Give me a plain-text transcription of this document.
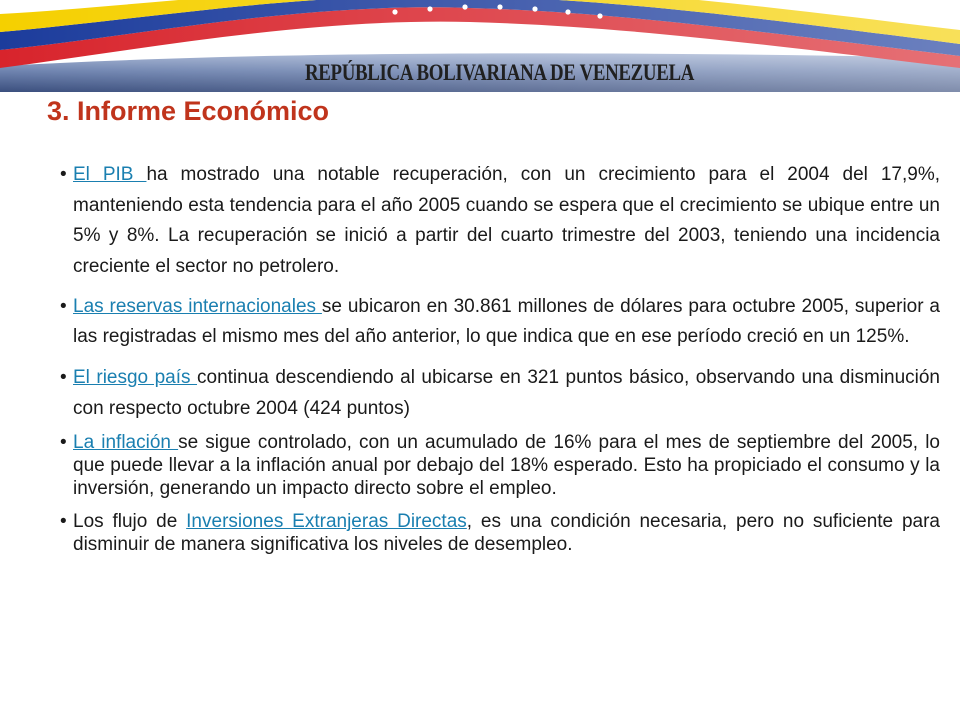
REPÚBLICA BOLIVARIANA DE VENEZUELA
3. Informe Económico
• El PIB ha mostrado una notable recuperación, con un crecimiento para el 2004 del 17,9%, manteniendo esta tendencia para el año 2005 cuando se espera que el crecimiento se ubique entre un 5% y 8%. La recuperación se inició a partir del cuarto trimestre del 2003, teniendo una incidencia creciente el sector no petrolero.
• Las reservas internacionales se ubicaron en 30.861 millones de dólares para octubre 2005, superior a las registradas el mismo mes del año anterior, lo que indica que en ese período creció en un 125%.
• El riesgo país continua descendiendo al ubicarse en 321 puntos básico, observando una disminución con respecto octubre 2004 (424 puntos)
• La inflación se sigue controlado, con un acumulado de 16% para el mes de septiembre del 2005, lo que puede llevar a la inflación anual por debajo del 18% esperado. Esto ha propiciado el consumo y la inversión, generando un impacto directo sobre el empleo.
• Los flujo de Inversiones Extranjeras Directas, es una condición necesaria, pero no suficiente para disminuir de manera significativa los niveles de desempleo.
